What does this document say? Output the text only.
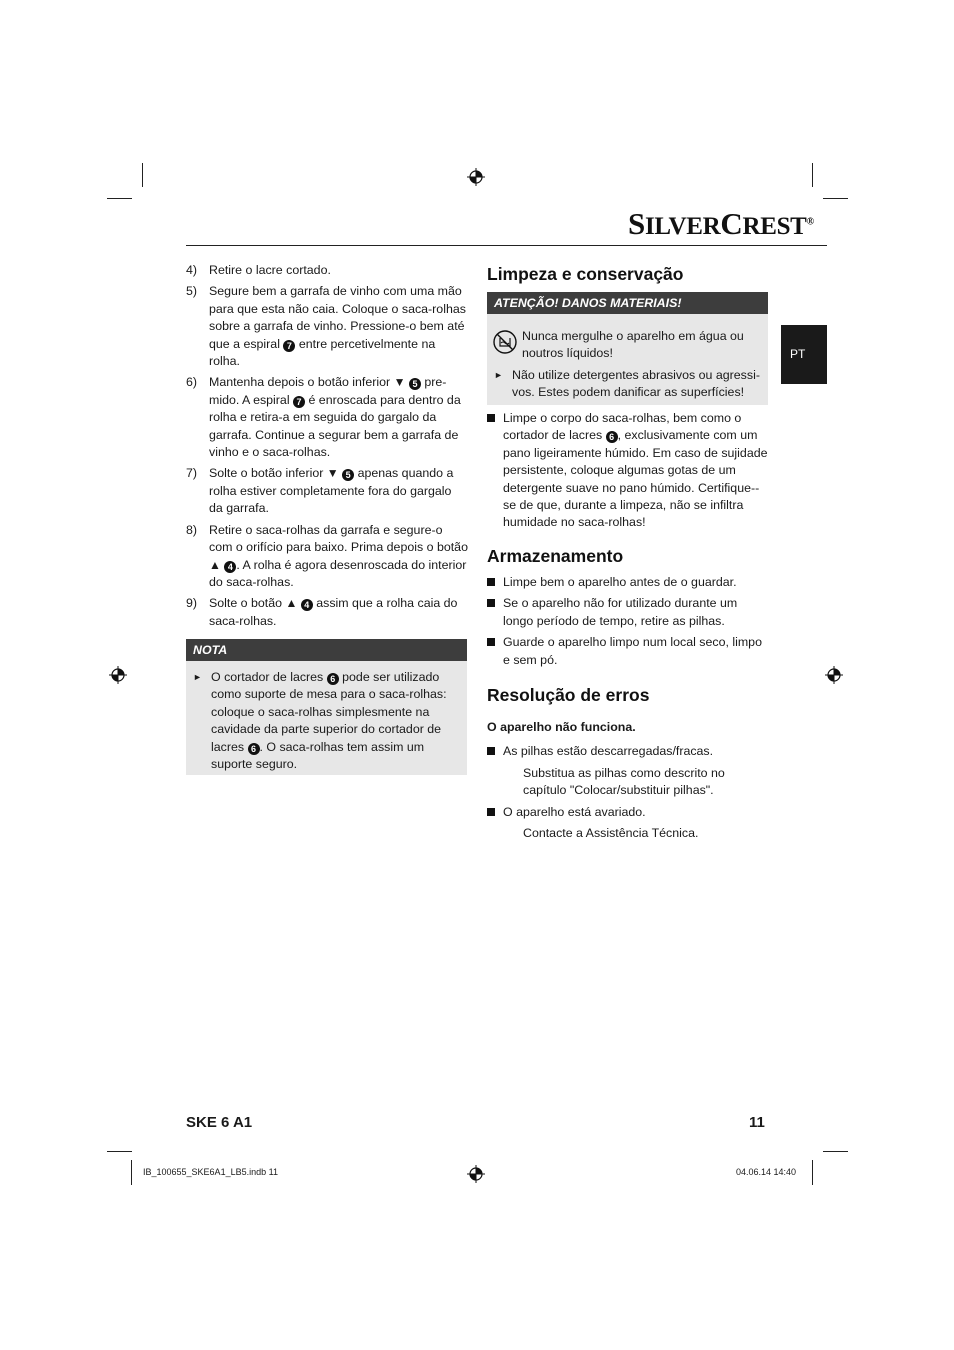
SILVERCREST®
PT
4) Retire o lacre cortado.
5) Segure bem a garrafa de vinho com uma mão para que esta não caia. Coloque o saca-rolhas sobre a garrafa de vinho. Pressione-o bem até que a espiral 7 entre percetivelmente na rolha.
6) Mantenha depois o botão inferior ▼ 5 pre-mido. A espiral 7 é enroscada para dentro da rolha e retira-a em seguida do gargalo da garrafa. Continue a segurar bem a garrafa de vinho e o saca-rolhas.
7) Solte o botão inferior ▼ 5 apenas quando a rolha estiver completamente fora do gargalo da garrafa.
8) Retire o saca-rolhas da garrafa e segure-o com o orifício para baixo. Prima depois o botão ▲ 4 . A rolha é agora desenroscada do interior do saca-rolhas.
9) Solte o botão ▲ 4 assim que a rolha caia do saca-rolhas.
NOTA
► O cortador de lacres 6 pode ser utilizado como suporte de mesa para o saca-rolhas: coloque o saca-rolhas simplesmente na cavidade da parte superior do cortador de lacres 6 . O saca-rolhas tem assim um suporte seguro.
Limpeza e conservação
ATENÇÃO! DANOS MATERIAIS!
Nunca mergulhe o aparelho em água ou noutros líquidos!
► Não utilize detergentes abrasivos ou agressi-vos. Estes podem danificar as superfícies!
Limpe o corpo do saca-rolhas, bem como o cortador de lacres 6 , exclusivamente com um pano ligeiramente húmido. Em caso de sujidade persistente, coloque algumas gotas de um detergente suave no pano húmido. Certifique--se de que, durante a limpeza, não se infiltra humidade no saca-rolhas!
Armazenamento
Limpe bem o aparelho antes de o guardar.
Se o aparelho não for utilizado durante um longo período de tempo, retire as pilhas.
Guarde o aparelho limpo num local seco, limpo e sem pó.
Resolução de erros
O aparelho não funciona.
As pilhas estão descarregadas/fracas.
Substitua as pilhas como descrito no capítulo "Colocar/substituir pilhas".
O aparelho está avariado.
Contacte a Assistência Técnica.
SKE 6 A1	11
IB_100655_SKE6A1_LB5.indb 11	04.06.14 14:40
